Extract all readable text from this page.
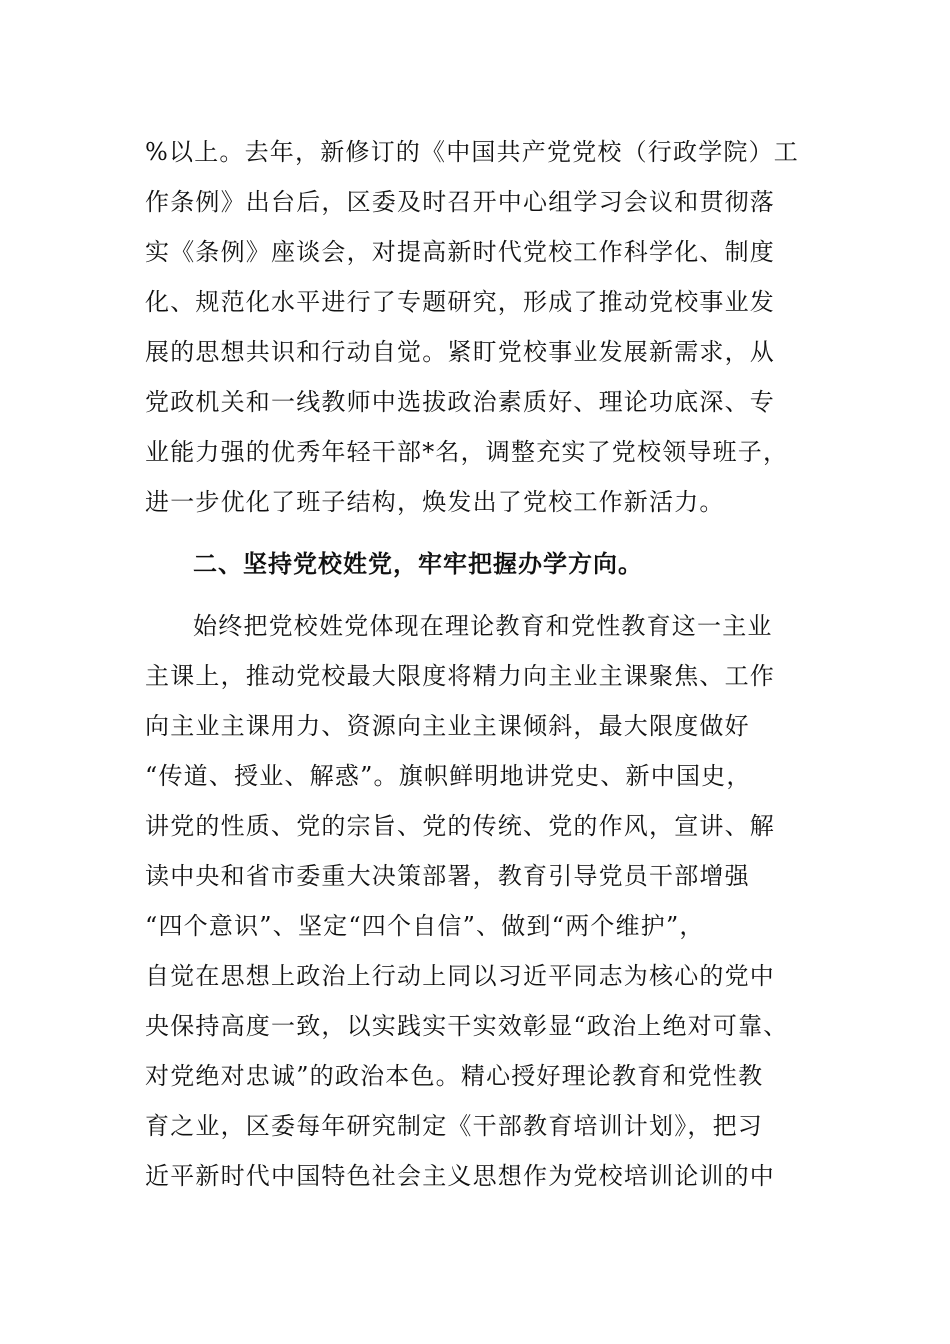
%以上。去年，新修订的《中国共产党党校（行政学院）工
作条例》出台后，区委及时召开中心组学习会议和贯彻落
实《条例》座谈会，对提高新时代党校工作科学化、制度
化、规范化水平进行了专题研究，形成了推动党校事业发
展的思想共识和行动自觉。紧盯党校事业发展新需求，从
党政机关和一线教师中选拔政治素质好、理论功底深、专
业能力强的优秀年轻干部*名，调整充实了党校领导班子，
进一步优化了班子结构，焕发出了党校工作新活力。
二、坚持党校姓党，牢牢把握办学方向。
始终把党校姓党体现在理论教育和党性教育这一主业
主课上，推动党校最大限度将精力向主业主课聚焦、工作
向主业主课用力、资源向主业主课倾斜，最大限度做好
“传道、授业、解惑”。旗帜鲜明地讲党史、新中国史，
讲党的性质、党的宗旨、党的传统、党的作风，宣讲、解
读中央和省市委重大决策部署，教育引导党员干部增强
“四个意识”、坚定“四个自信”、做到“两个维护”，
自觉在思想上政治上行动上同以习近平同志为核心的党中
央保持高度一致，以实践实干实效彰显“政治上绝对可靠、
对党绝对忠诚”的政治本色。精心授好理论教育和党性教
育之业，区委每年研究制定《干部教育培训计划》，把习
近平新时代中国特色社会主义思想作为党校培训论训的中
